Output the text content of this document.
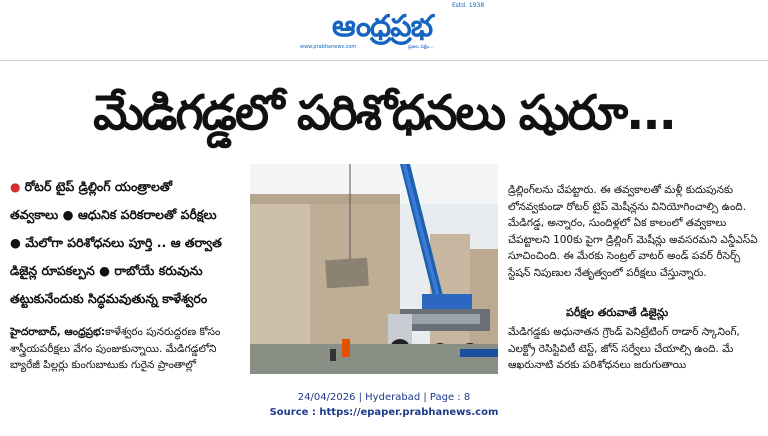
ఆంధ్రప్రభ
Estd. 1938
www.prabhanews.com	ప్రజల పక్షం...
మేడిగడ్డలో పరిశోధనలు షురూ...
● రోటర్ టైప్ డ్రిల్లింగ్ యంత్రాలతో
తవ్వకాలు ● ఆధునిక పరికరాలతో పరీక్షలు
● మేలోగా పరిశోధనలు పూర్తి .. ఆ తర్వాత
డిజైన్ల రూపకల్పన ● రాబోయే కరువును
తట్టుకునేందుకు సిద్ధమవుతున్న కాళేశ్వరం
హైదరాబాద్, ఆంధ్రప్రభ:కాళేశ్వరం పునరుద్ధరణ కోసం శాస్త్రీయపరీక్షలు వేగం పుంజుకున్నాయి. మేడిగడ్డలోని బ్యారేజీ పిల్లర్లు కుంగుబాటుకు గురైన ప్రాంతాల్లో
డ్రిల్లింగ్‌లను చేపట్టారు. ఈ తవ్వకాలతో మళ్లీ కుదుపునకు లోనవ్వకుండా రోటర్ టైప్ మెషీన్లను వినియోగించాల్సి ఉంది. మేడిగడ్డ, అన్నారం, సుందిళ్లలో ఏక కాలంలో తవ్వకాలు చేపట్టాలని 100కు పైగా డ్రిల్లింగ్ మెషీన్లు అవసరమని ఎన్డీఎస్ఏ సూచించింది. ఈ మేరకు సెంట్రల్ వాటర్ అండ్ పవర్ రీసెర్చ్ స్టేషన్ నిపుణుల నేతృత్వంలో పరీక్షలు చేస్తున్నారు.
పరీక్షల తరువాతే డిజైన్లు
మేడిగడ్డకు అధునాతన గ్రౌండ్ పెనిట్రేటింగ్ రాడార్ స్కానింగ్, ఎలక్ట్రో రెసిస్టివిటీ టెస్ట్, జోన్ సర్వేలు చేయాల్సి ఉంది. మే ఆఖరునాటి వరకు పరిశోధనలు జరుగుతాయి
24/04/2026 | Hyderabad | Page : 8
Source : https://epaper.prabhanews.com
